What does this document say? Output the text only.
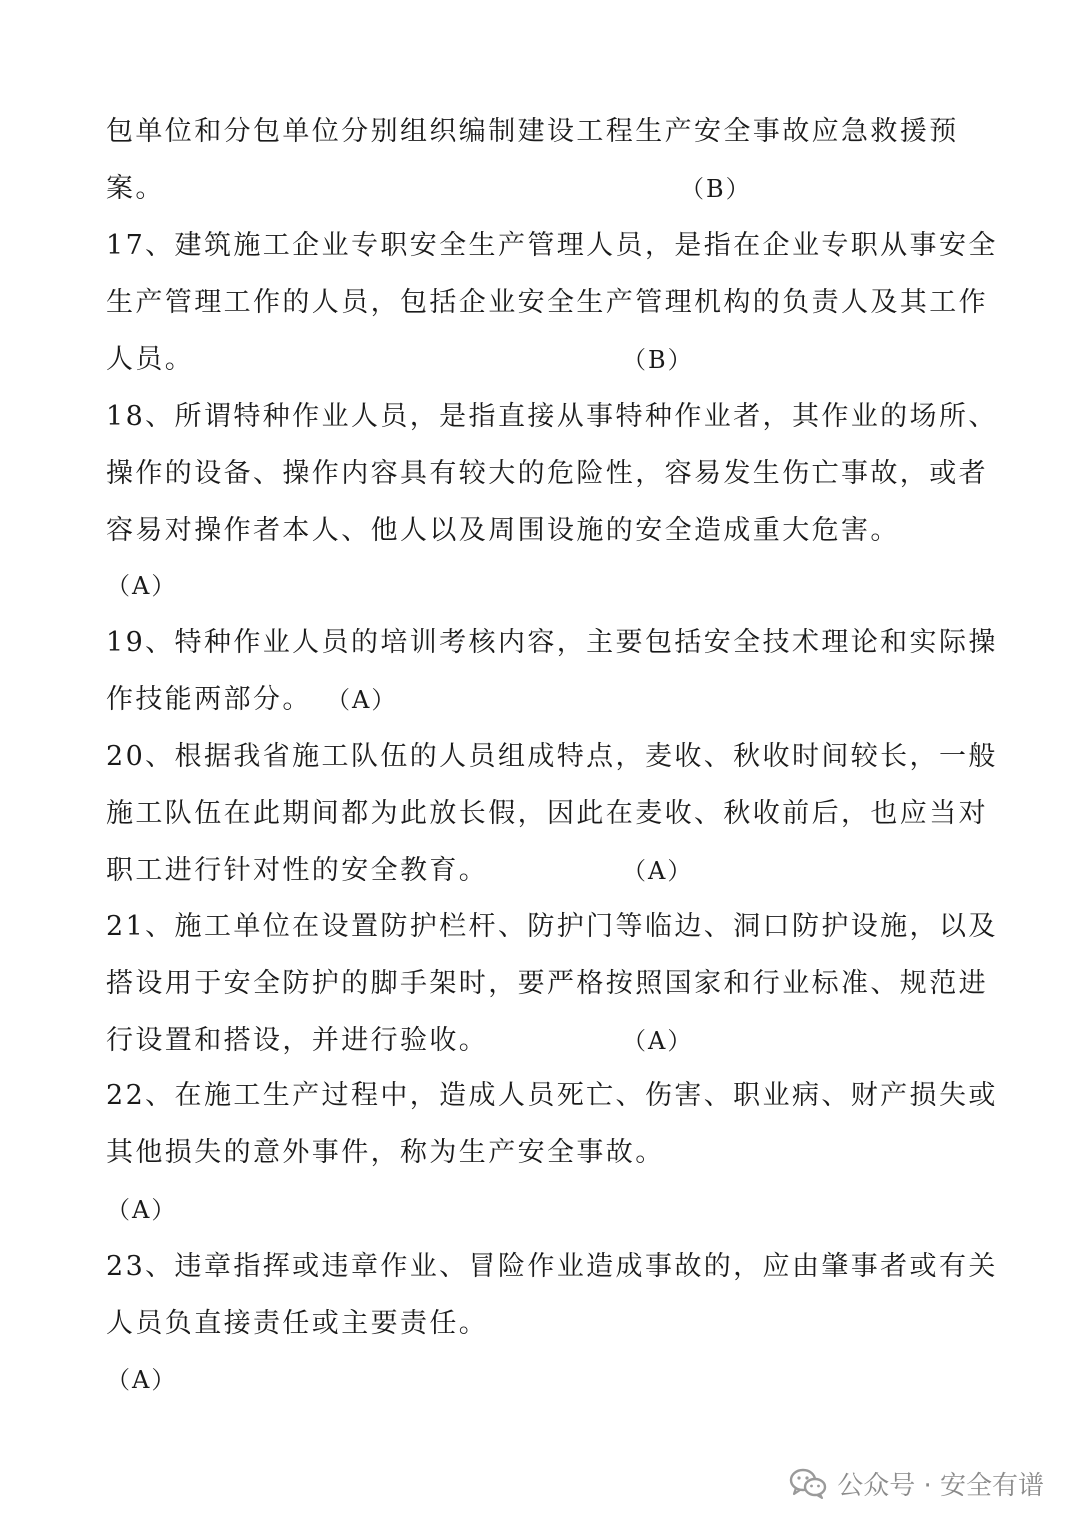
包单位和分包单位分别组织编制建设工程生产安全事故应急救援预
案。	（B）
17、建筑施工企业专职安全生产管理人员，是指在企业专职从事安全
生产管理工作的人员，包括企业安全生产管理机构的负责人及其工作
人员。	（B）
18、所谓特种作业人员，是指直接从事特种作业者，其作业的场所、
操作的设备、操作内容具有较大的危险性，容易发生伤亡事故，或者
容易对操作者本人、他人以及周围设施的安全造成重大危害。
（A）
19、特种作业人员的培训考核内容，主要包括安全技术理论和实际操
作技能两部分。 （A）
20、根据我省施工队伍的人员组成特点，麦收、秋收时间较长，一般
施工队伍在此期间都为此放长假，因此在麦收、秋收前后，也应当对
职工进行针对性的安全教育。	（A）
21、施工单位在设置防护栏杆、防护门等临边、洞口防护设施，以及
搭设用于安全防护的脚手架时，要严格按照国家和行业标准、规范进
行设置和搭设，并进行验收。	（A）
22、在施工生产过程中，造成人员死亡、伤害、职业病、财产损失或
其他损失的意外事件，称为生产安全事故。
（A）
23、违章指挥或违章作业、冒险作业造成事故的，应由肇事者或有关
人员负直接责任或主要责任。
（A）
公众号 · 安全有谱
